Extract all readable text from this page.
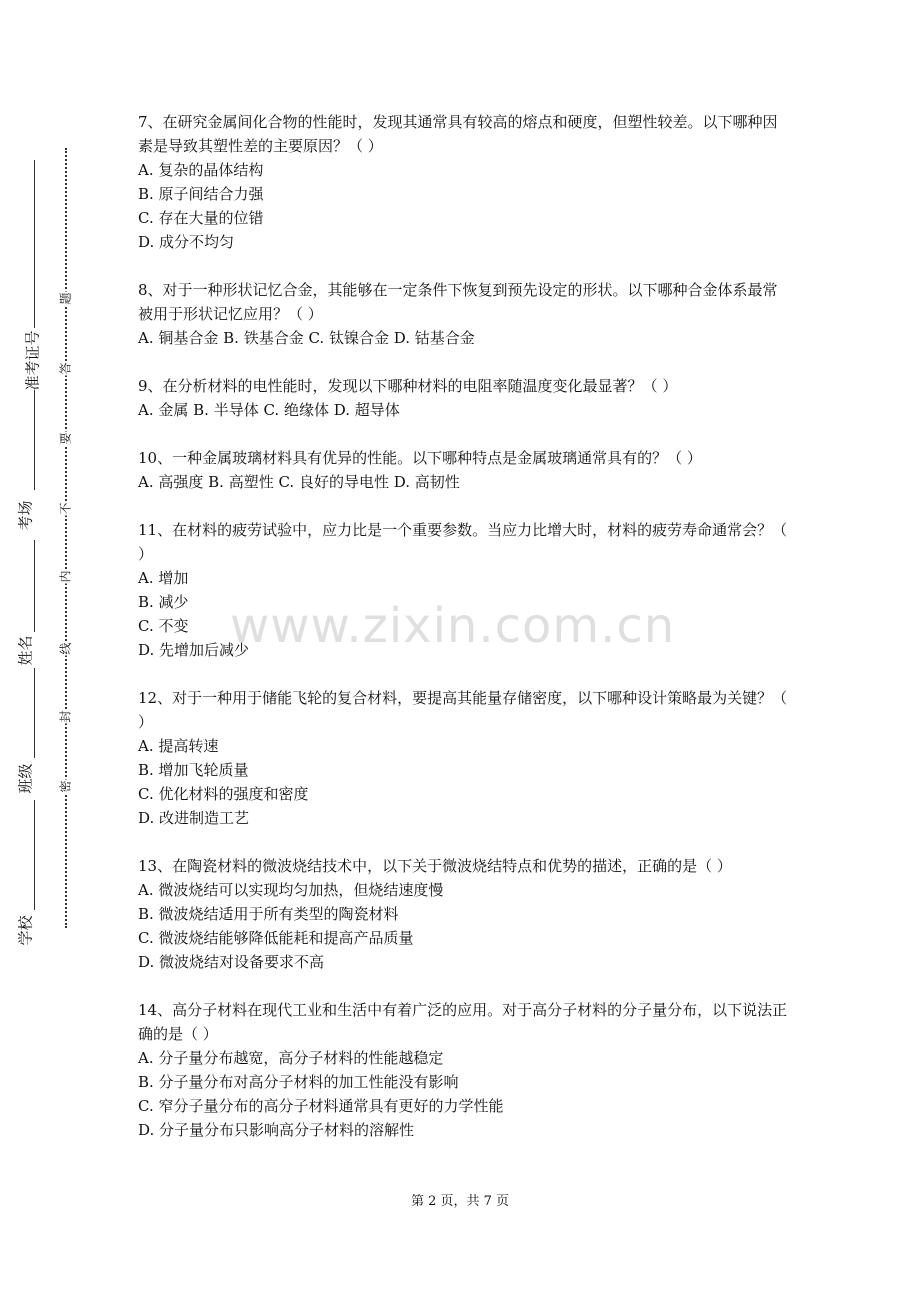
题
答
要
不
内
线
封
密
准考证号
考场
姓名
班级
学校
www.zixin.com.cn
7、在研究金属间化合物的性能时，发现其通常具有较高的熔点和硬度，但塑性较差。以下哪种因素是导致其塑性差的主要原因？（ ）
A. 复杂的晶体结构
B. 原子间结合力强
C. 存在大量的位错
D. 成分不均匀
8、对于一种形状记忆合金，其能够在一定条件下恢复到预先设定的形状。以下哪种合金体系最常被用于形状记忆应用？（ ）
A. 铜基合金 B. 铁基合金 C. 钛镍合金 D. 钴基合金
9、在分析材料的电性能时，发现以下哪种材料的电阻率随温度变化最显著？（ ）
A. 金属 B. 半导体 C. 绝缘体 D. 超导体
10、一种金属玻璃材料具有优异的性能。以下哪种特点是金属玻璃通常具有的？（ ）
A. 高强度 B. 高塑性 C. 良好的导电性 D. 高韧性
11、在材料的疲劳试验中，应力比是一个重要参数。当应力比增大时，材料的疲劳寿命通常会？（ ）
A. 增加
B. 减少
C. 不变
D. 先增加后减少
12、对于一种用于储能飞轮的复合材料，要提高其能量存储密度，以下哪种设计策略最为关键？（ ）
A. 提高转速
B. 增加飞轮质量
C. 优化材料的强度和密度
D. 改进制造工艺
13、在陶瓷材料的微波烧结技术中，以下关于微波烧结特点和优势的描述，正确的是（ ）
A. 微波烧结可以实现均匀加热，但烧结速度慢
B. 微波烧结适用于所有类型的陶瓷材料
C. 微波烧结能够降低能耗和提高产品质量
D. 微波烧结对设备要求不高
14、高分子材料在现代工业和生活中有着广泛的应用。对于高分子材料的分子量分布，以下说法正确的是（ ）
A. 分子量分布越宽，高分子材料的性能越稳定
B. 分子量分布对高分子材料的加工性能没有影响
C. 窄分子量分布的高分子材料通常具有更好的力学性能
D. 分子量分布只影响高分子材料的溶解性
第 2 页，共 7 页
